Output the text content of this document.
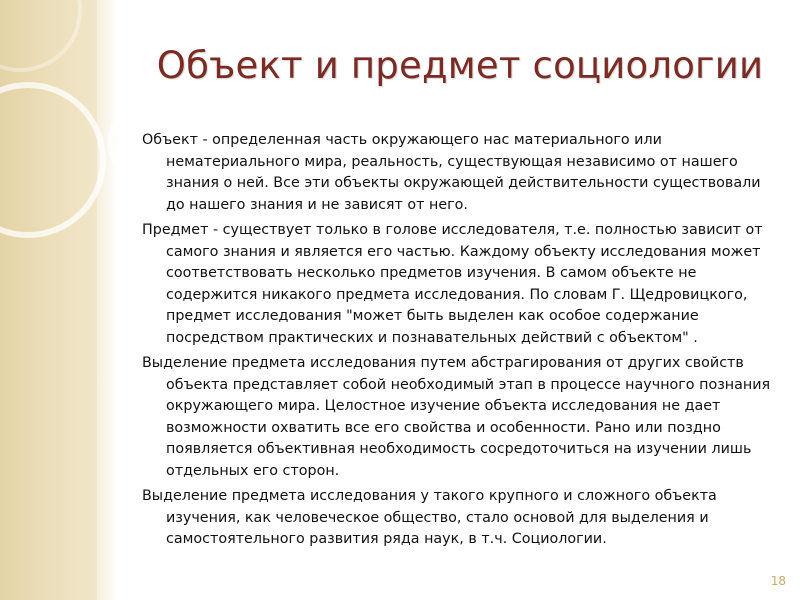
Объект и предмет социологии

Объект - определенная часть окружающего нас материального или нематериального мира, реальность, существующая независимо от нашего знания о ней. Все эти объекты окружающей действительности существовали до нашего знания и не зависят от него.

Предмет - существует только в голове исследователя, т.е. полностью зависит от самого знания и является его частью. Каждому объекту исследования может соответствовать несколько предметов изучения. В самом объекте не содержится никакого предмета исследования. По словам Г. Щедровицкого, предмет исследования "может быть выделен как особое содержание посредством практических и познавательных действий с объектом" .

Выделение предмета исследования путем абстрагирования от других свойств объекта представляет собой необходимый этап в процессе научного познания окружающего мира. Целостное изучение объекта исследования не дает возможности охватить все его свойства и особенности. Рано или поздно появляется объективная необходимость сосредоточиться на изучении лишь отдельных его сторон.

Выделение предмета исследования у такого крупного и сложного объекта изучения, как человеческое общество, стало основой для выделения и самостоятельного развития ряда наук, в т.ч. Социологии.

18
